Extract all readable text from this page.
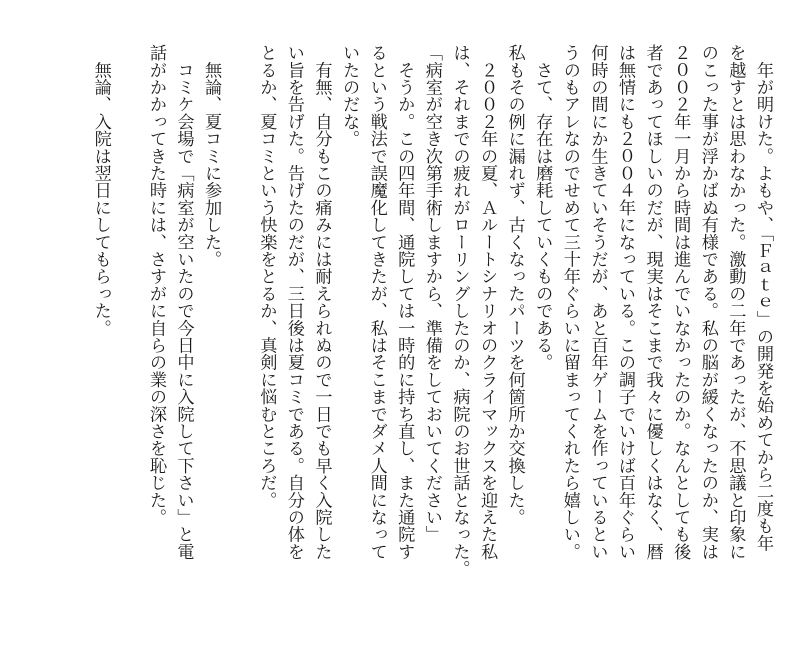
　年が明けた。よもや、「Ｆａｔｅ」の開発を始めてから二度も年
を越すとは思わなかった。激動の二年であったが、不思議と印象に
のこった事が浮かばぬ有様である。私の脳が緩くなったのか、実は
２００２年一月から時間は進んでいなかったのか。なんとしても後
者であってほしいのだが、現実はそこまで我々に優しくはなく、暦
は無情にも２００４年になっている。この調子でいけば百年ぐらい
何時の間にか生きていそうだが、あと百年ゲームを作っているとい
うのもアレなのでせめて三十年ぐらいに留まってくれたら嬉しい。
　さて、存在は磨耗していくものである。
私もその例に漏れず、古くなったパーツを何箇所か交換した。
　２００２年の夏、Ａルートシナリオのクライマックスを迎えた私
は、それまでの疲れがローリングしたのか、病院のお世話となった。
「病室が空き次第手術しますから、準備をしておいてください」
　そうか。この四年間、通院しては一時的に持ち直し、また通院す
るという戦法で誤魔化してきたが、私はそこまでダメ人間になって
いたのだな。
　有無、自分もこの痛みには耐えられぬので一日でも早く入院した
い旨を告げた。告げたのだが、三日後は夏コミである。自分の体を
とるか、夏コミという快楽をとるか、真剣に悩むところだ。
　無論、夏コミに参加した。
　コミケ会場で「病室が空いたので今日中に入院して下さい」と電
話がかかってきた時には、さすがに自らの業の深さを恥じた。
　無論、入院は翌日にしてもらった。
